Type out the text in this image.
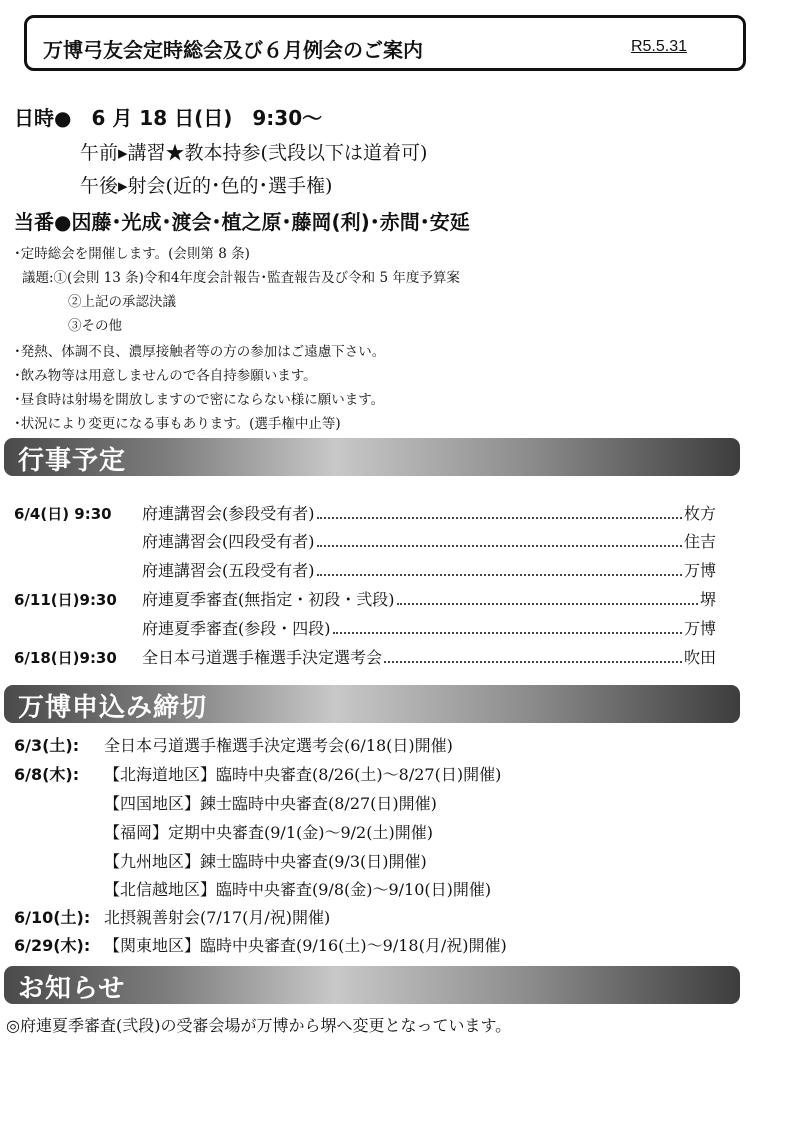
万博弓友会定時総会及び６月例会のご案内	R5.5.31
日時●　6 月 18 日(日)　9:30〜
午前▸講習★教本持参(弐段以下は道着可)
午後▸射会(近的･色的･選手権)
当番●因藤･光成･渡会･植之原･藤岡(利)･赤間･安延
･定時総会を開催します。(会則第 8 条)
議題:①(会則 13 条)令和4年度会計報告･監査報告及び令和 5 年度予算案
②上記の承認決議
③その他
･発熱、体調不良、濃厚接触者等の方の参加はご遠慮下さい。
･飲み物等は用意しませんので各自持参願います。
･昼食時は射場を開放しますので密にならない様に願います。
･状況により変更になる事もあります。(選手権中止等)
行事予定
6/4(日) 9:30	府連講習会(参段受有者)	枚方
府連講習会(四段受有者)	住吉
府連講習会(五段受有者)	万博
6/11(日)9:30	府連夏季審査(無指定・初段・弐段)	堺
府連夏季審査(参段・四段)	万博
6/18(日)9:30	全日本弓道選手権選手決定選考会	吹田
万博申込み締切
6/3(土): 全日本弓道選手権選手決定選考会(6/18(日)開催)
6/8(木): 【北海道地区】臨時中央審査(8/26(土)〜8/27(日)開催)
【四国地区】錬士臨時中央審査(8/27(日)開催)
【福岡】定期中央審査(9/1(金)〜9/2(土)開催)
【九州地区】錬士臨時中央審査(9/3(日)開催)
【北信越地区】臨時中央審査(9/8(金)〜9/10(日)開催)
6/10(土): 北摂親善射会(7/17(月/祝)開催)
6/29(木): 【関東地区】臨時中央審査(9/16(土)〜9/18(月/祝)開催)
お知らせ
◎府連夏季審査(弐段)の受審会場が万博から堺へ変更となっています。
